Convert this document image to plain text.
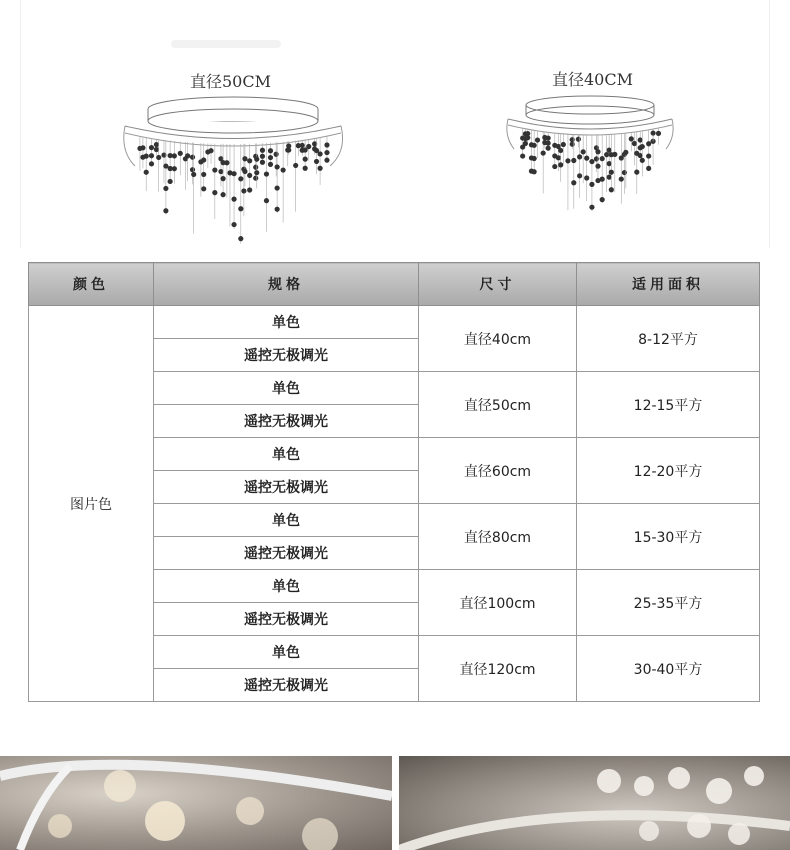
直径50CM	直径40CM
颜色	规格	尺寸	适用面积
图片色	单色	直径40cm	8-12平方
	遥控无极调光		
	单色	直径50cm	12-15平方
	遥控无极调光		
	单色	直径60cm	12-20平方
	遥控无极调光		
	单色	直径80cm	15-30平方
	遥控无极调光		
	单色	直径100cm	25-35平方
	遥控无极调光		
	单色	直径120cm	30-40平方
	遥控无极调光		
